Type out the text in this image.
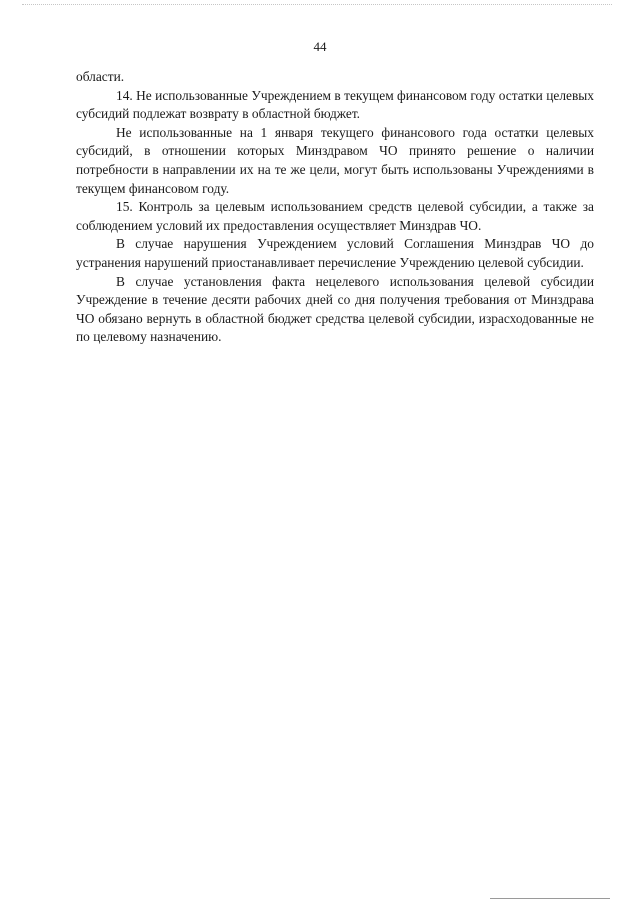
44

области.

14. Не использованные Учреждением в текущем финансовом году остатки целевых субсидий подлежат возврату в областной бюджет.

Не использованные на 1 января текущего финансового года остатки целевых субсидий, в отношении которых Минздравом ЧО принято решение о наличии потребности в направлении их на те же цели, могут быть использованы Учреждениями в текущем финансовом году.

15. Контроль за целевым использованием средств целевой субсидии, а также за соблюдением условий их предоставления осуществляет Минздрав ЧО.

В случае нарушения Учреждением условий Соглашения Минздрав ЧО до устранения нарушений приостанавливает перечисление Учреждению целевой субсидии.

В случае установления факта нецелевого использования целевой субсидии Учреждение в течение десяти рабочих дней со дня получения требования от Минздрава ЧО обязано вернуть в областной бюджет средства целевой субсидии, израсходованные не по целевому назначению.
